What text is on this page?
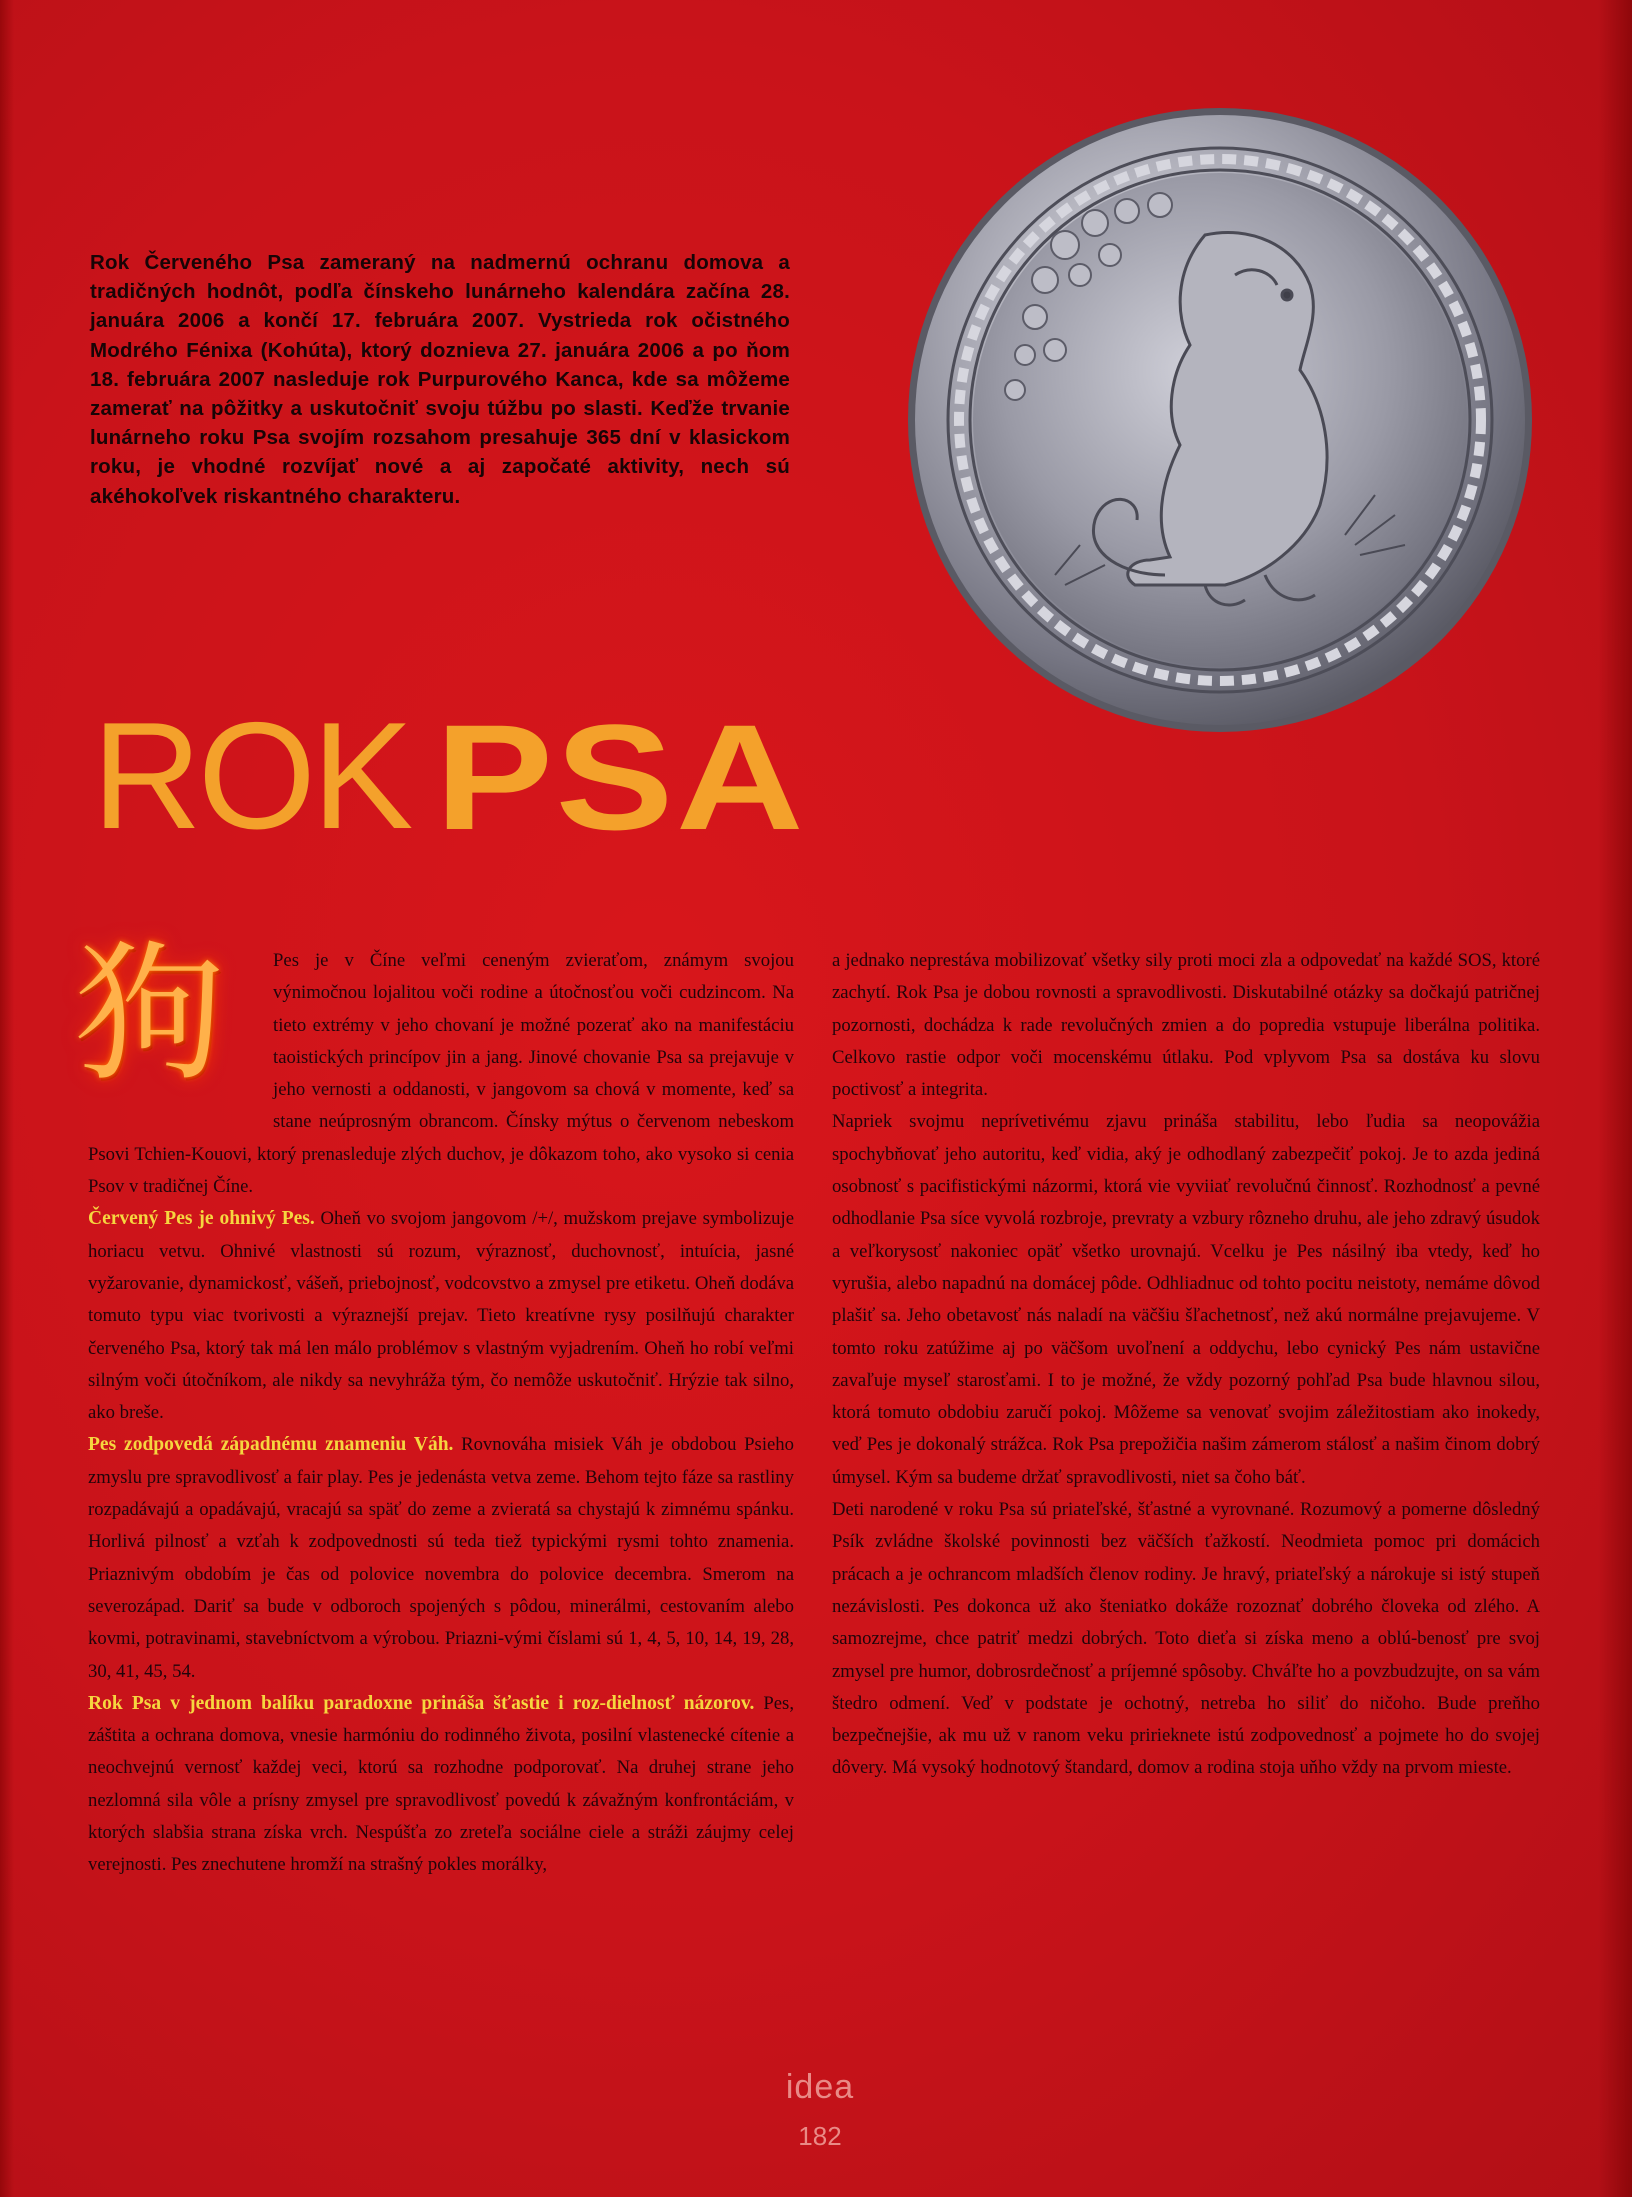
Rok Červeného Psa zameraný na nadmernú ochranu domova a tradičných hodnôt, podľa čínskeho lunárneho kalendára začína 28. januára 2006 a končí 17. februára 2007. Vystrieda rok očistného Modrého Fénixa (Kohúta), ktorý doznieva 27. januára 2006 a po ňom 18. februára 2007 nasleduje rok Purpurového Kanca, kde sa môžeme zamerať na pôžitky a uskutočniť svoju túžbu po slasti. Keďže trvanie lunárneho roku Psa svojím rozsahom presahuje 365 dní v klasickom roku, je vhodné rozvíjať nové a aj započaté aktivity, nech sú akéhokoľvek riskantného charakteru.
ROK PSA
狗	Pes je v Číne veľmi ceneným zvieraťom, známym svojou výnimočnou lojalitou voči rodine a útočnosťou voči cudzincom. Na tieto extrémy v jeho chovaní je možné pozerať ako na manifestáciu taoistických princípov jin a jang. Jinové chovanie Psa sa prejavuje v jeho vernosti a oddanosti, v jangovom sa chová v momente, keď sa stane neúprosným obrancom. Čínsky mýtus o červenom nebeskom Psovi Tchien-Kouovi, ktorý prenasleduje zlých duchov, je dôkazom toho, ako vysoko si cenia Psov v tradičnej Číne.

Červený Pes je ohnivý Pes. Oheň vo svojom jangovom /+/, mužskom prejave symbolizuje horiacu vetvu. Ohnivé vlastnosti sú rozum, výraznosť, duchovnosť, intuícia, jasné vyžarovanie, dynamickosť, vášeň, priebojnosť, vodcovstvo a zmysel pre etiketu. Oheň dodáva tomuto typu viac tvorivosti a výraznejší prejav. Tieto kreatívne rysy posilňujú charakter červeného Psa, ktorý tak má len málo problémov s vlastným vyjadrením. Oheň ho robí veľmi silným voči útočníkom, ale nikdy sa nevyhráža tým, čo nemôže uskutočniť. Hrýzie tak silno, ako breše.

Pes zodpovedá západnému znameniu Váh. Rovnováha misiek Váh je obdobou Psieho zmyslu pre spravodlivosť a fair play. Pes je jedenásta vetva zeme. Behom tejto fáze sa rastliny rozpadávajú a opadávajú, vracajú sa späť do zeme a zvieratá sa chystajú k zimnému spánku. Horlivá pilnosť a vzťah k zodpovednosti sú teda tiež typickými rysmi tohto znamenia. Priaznivým obdobím je čas od polovice novembra do polovice decembra. Smerom na severozápad. Dariť sa bude v odboroch spojených s pôdou, minerálmi, cestovaním alebo kovmi, potravinami, stavebníctvom a výrobou. Priazni-vými číslami sú 1, 4, 5, 10, 14, 19, 28, 30, 41, 45, 54.

Rok Psa v jednom balíku paradoxne prináša šťastie i roz-dielnosť názorov. Pes, záštita a ochrana domova, vnesie harmóniu do rodinného života, posilní vlastenecké cítenie a neochvejnú vernosť každej veci, ktorú sa rozhodne podporovať. Na druhej strane jeho nezlomná sila vôle a prísny zmysel pre spravodlivosť povedú k závažným konfrontáciám, v ktorých slabšia strana získa vrch. Nespúšťa zo zreteľa sociálne ciele a stráži záujmy celej verejnosti. Pes znechutene hromží na strašný pokles morálky,

a jednako neprestáva mobilizovať všetky sily proti moci zla a odpovedať na každé SOS, ktoré zachytí. Rok Psa je dobou rovnosti a spravodlivosti. Diskutabilné otázky sa dočkajú patričnej pozornosti, dochádza k rade revolučných zmien a do popredia vstupuje liberálna politika. Celkovo rastie odpor voči mocenskému útlaku. Pod vplyvom Psa sa dostáva ku slovu poctivosť a integrita.

Napriek svojmu neprívetivému zjavu prináša stabilitu, lebo ľudia sa neopovážia spochybňovať jeho autoritu, keď vidia, aký je odhodlaný zabezpečiť pokoj. Je to azda jediná osobnosť s pacifistickými názormi, ktorá vie vyviiať revolučnú činnosť. Rozhodnosť a pevné odhodlanie Psa síce vyvolá rozbroje, prevraty a vzbury rôzneho druhu, ale jeho zdravý úsudok a veľkorysosť nakoniec opäť všetko urovnajú. Vcelku je Pes násilný iba vtedy, keď ho vyrušia, alebo napadnú na domácej pôde. Odhliadnuc od tohto pocitu neistoty, nemáme dôvod plašiť sa. Jeho obetavosť nás naladí na väčšiu šľachetnosť, než akú normálne prejavujeme. V tomto roku zatúžime aj po väčšom uvoľnení a oddychu, lebo cynický Pes nám ustavične zavaľuje myseľ starosťami. I to je možné, že vždy pozorný pohľad Psa bude hlavnou silou, ktorá tomuto obdobiu zaručí pokoj. Môžeme sa venovať svojim záležitostiam ako inokedy, veď Pes je dokonalý strážca. Rok Psa prepožičia našim zámerom stálosť a našim činom dobrý úmysel. Kým sa budeme držať spravodlivosti, niet sa čoho báť.

Deti narodené v roku Psa sú priateľské, šťastné a vyrovnané. Rozumový a pomerne dôsledný Psík zvládne školské povinnosti bez väčších ťažkostí. Neodmieta pomoc pri domácich prácach a je ochrancom mladších členov rodiny. Je hravý, priateľský a nárokuje si istý stupeň nezávislosti. Pes dokonca už ako šteniatko dokáže rozoznať dobrého človeka od zlého. A samozrejme, chce patriť medzi dobrých. Toto dieťa si získa meno a oblú-benosť pre svoj zmysel pre humor, dobrosrdečnosť a príjemné spôsoby. Chváľte ho a povzbudzujte, on sa vám štedro odmení. Veď v podstate je ochotný, netreba ho siliť do ničoho. Bude preňho bezpečnejšie, ak mu už v ranom veku pririeknete istú zodpovednosť a pojmete ho do svojej dôvery. Má vysoký hodnotový štandard, domov a rodina stoja uňho vždy na prvom mieste.

idea
182
